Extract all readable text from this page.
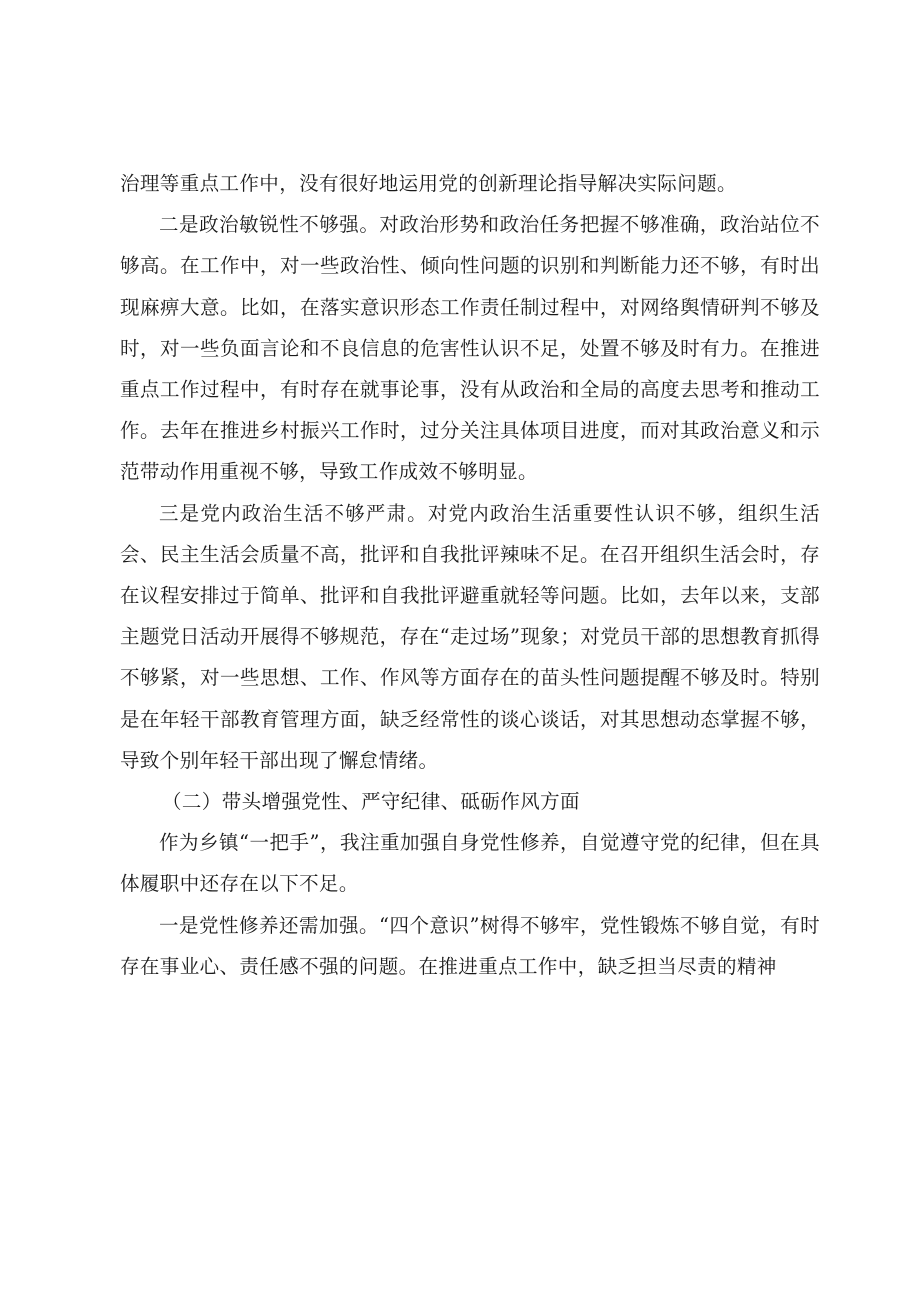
治理等重点工作中，没有很好地运用党的创新理论指导解决实际问题。

二是政治敏锐性不够强。对政治形势和政治任务把握不够准确，政治站位不够高。在工作中，对一些政治性、倾向性问题的识别和判断能力还不够，有时出现麻痹大意。比如，在落实意识形态工作责任制过程中，对网络舆情研判不够及时，对一些负面言论和不良信息的危害性认识不足，处置不够及时有力。在推进重点工作过程中，有时存在就事论事，没有从政治和全局的高度去思考和推动工作。去年在推进乡村振兴工作时，过分关注具体项目进度，而对其政治意义和示范带动作用重视不够，导致工作成效不够明显。

三是党内政治生活不够严肃。对党内政治生活重要性认识不够，组织生活会、民主生活会质量不高，批评和自我批评辣味不足。在召开组织生活会时，存在议程安排过于简单、批评和自我批评避重就轻等问题。比如，去年以来，支部主题党日活动开展得不够规范，存在“走过场”现象；对党员干部的思想教育抓得不够紧，对一些思想、工作、作风等方面存在的苗头性问题提醒不够及时。特别是在年轻干部教育管理方面，缺乏经常性的谈心谈话，对其思想动态掌握不够，导致个别年轻干部出现了懈怠情绪。

（二）带头增强党性、严守纪律、砥砺作风方面

作为乡镇“一把手”，我注重加强自身党性修养，自觉遵守党的纪律，但在具体履职中还存在以下不足。

一是党性修养还需加强。“四个意识”树得不够牢，党性锻炼不够自觉，有时存在事业心、责任感不强的问题。在推进重点工作中，缺乏担当尽责的精神
